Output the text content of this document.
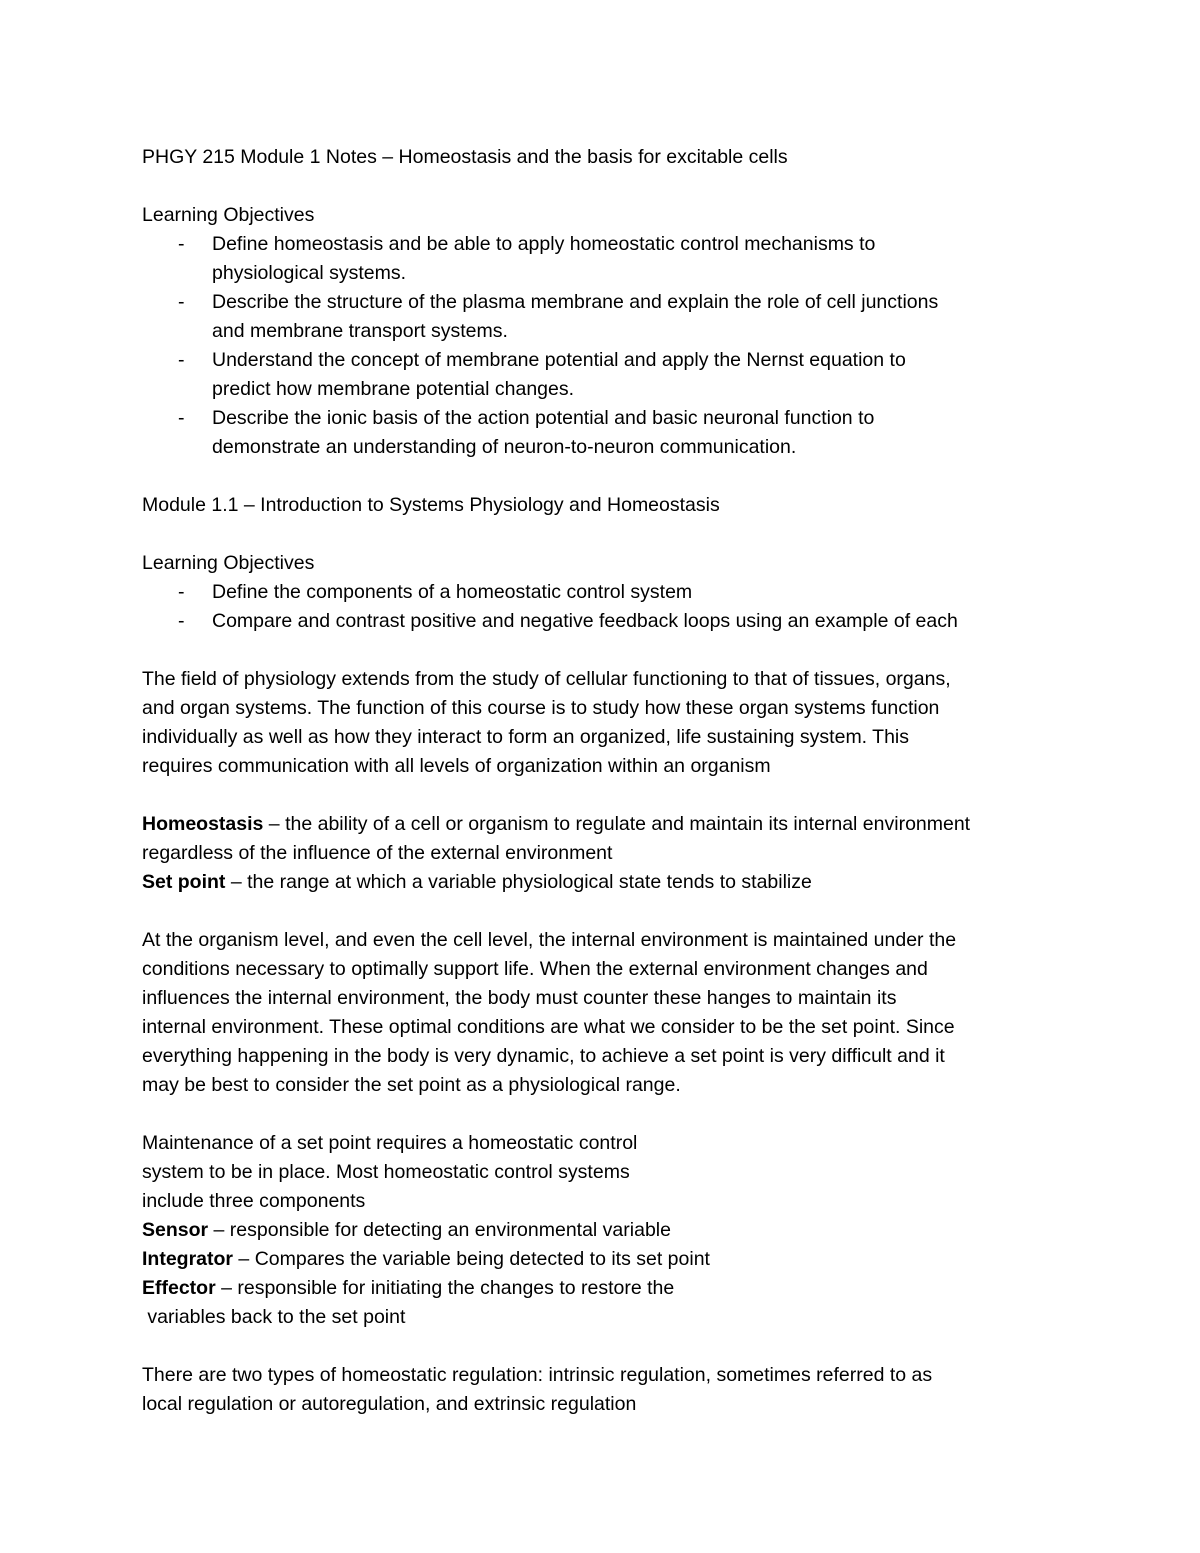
PHGY 215 Module 1 Notes – Homeostasis and the basis for excitable cells
Learning Objectives
- Define homeostasis and be able to apply homeostatic control mechanisms to
physiological systems.
- Describe the structure of the plasma membrane and explain the role of cell junctions
and membrane transport systems.
- Understand the concept of membrane potential and apply the Nernst equation to
predict how membrane potential changes.
- Describe the ionic basis of the action potential and basic neuronal function to
demonstrate an understanding of neuron-to-neuron communication.
Module 1.1 – Introduction to Systems Physiology and Homeostasis
Learning Objectives
- Define the components of a homeostatic control system
- Compare and contrast positive and negative feedback loops using an example of each
The field of physiology extends from the study of cellular functioning to that of tissues, organs,
and organ systems. The function of this course is to study how these organ systems function
individually as well as how they interact to form an organized, life sustaining system. This
requires communication with all levels of organization within an organism
Homeostasis – the ability of a cell or organism to regulate and maintain its internal environment
regardless of the influence of the external environment
Set point – the range at which a variable physiological state tends to stabilize
At the organism level, and even the cell level, the internal environment is maintained under the
conditions necessary to optimally support life. When the external environment changes and
influences the internal environment, the body must counter these hanges to maintain its
internal environment. These optimal conditions are what we consider to be the set point. Since
everything happening in the body is very dynamic, to achieve a set point is very difficult and it
may be best to consider the set point as a physiological range.
Maintenance of a set point requires a homeostatic control
system to be in place. Most homeostatic control systems
include three components
Sensor – responsible for detecting an environmental variable
Integrator – Compares the variable being detected to its set point
Effector – responsible for initiating the changes to restore the
variables back to the set point
There are two types of homeostatic regulation: intrinsic regulation, sometimes referred to as
local regulation or autoregulation, and extrinsic regulation
